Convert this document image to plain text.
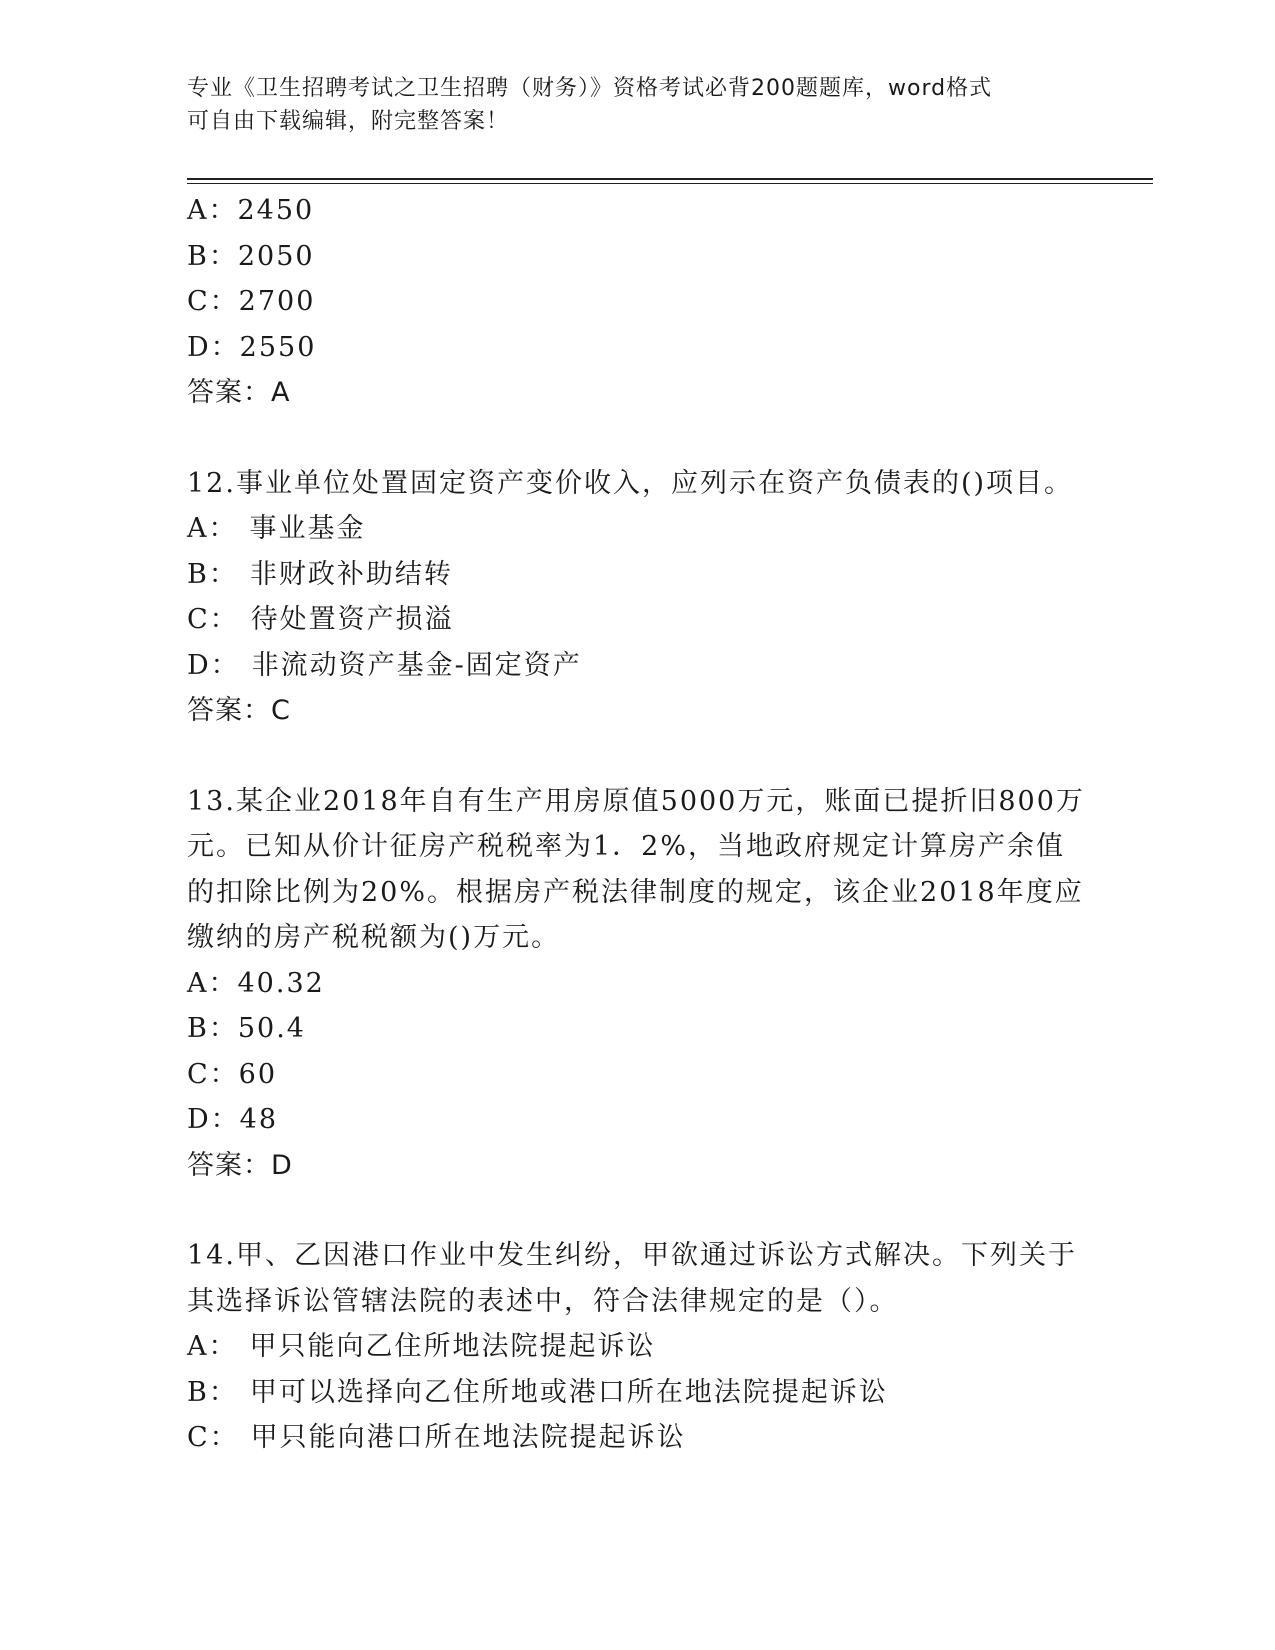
专业《卫生招聘考试之卫生招聘（财务）》资格考试必背200题题库，word格式
可自由下载编辑，附完整答案！
A：2450
B：2050
C：2700
D：2550
答案：A
12.事业单位处置固定资产变价收入，应列示在资产负债表的()项目。
A： 事业基金
B： 非财政补助结转
C： 待处置资产损溢
D： 非流动资产基金-固定资产
答案：C
13.某企业2018年自有生产用房原值5000万元，账面已提折旧800万
元。已知从价计征房产税税率为1．2%，当地政府规定计算房产余值
的扣除比例为20%。根据房产税法律制度的规定，该企业2018年度应
缴纳的房产税税额为()万元。
A：40.32
B：50.4
C：60
D：48
答案：D
14.甲、乙因港口作业中发生纠纷，甲欲通过诉讼方式解决。下列关于
其选择诉讼管辖法院的表述中，符合法律规定的是（）。
A： 甲只能向乙住所地法院提起诉讼
B： 甲可以选择向乙住所地或港口所在地法院提起诉讼
C： 甲只能向港口所在地法院提起诉讼
